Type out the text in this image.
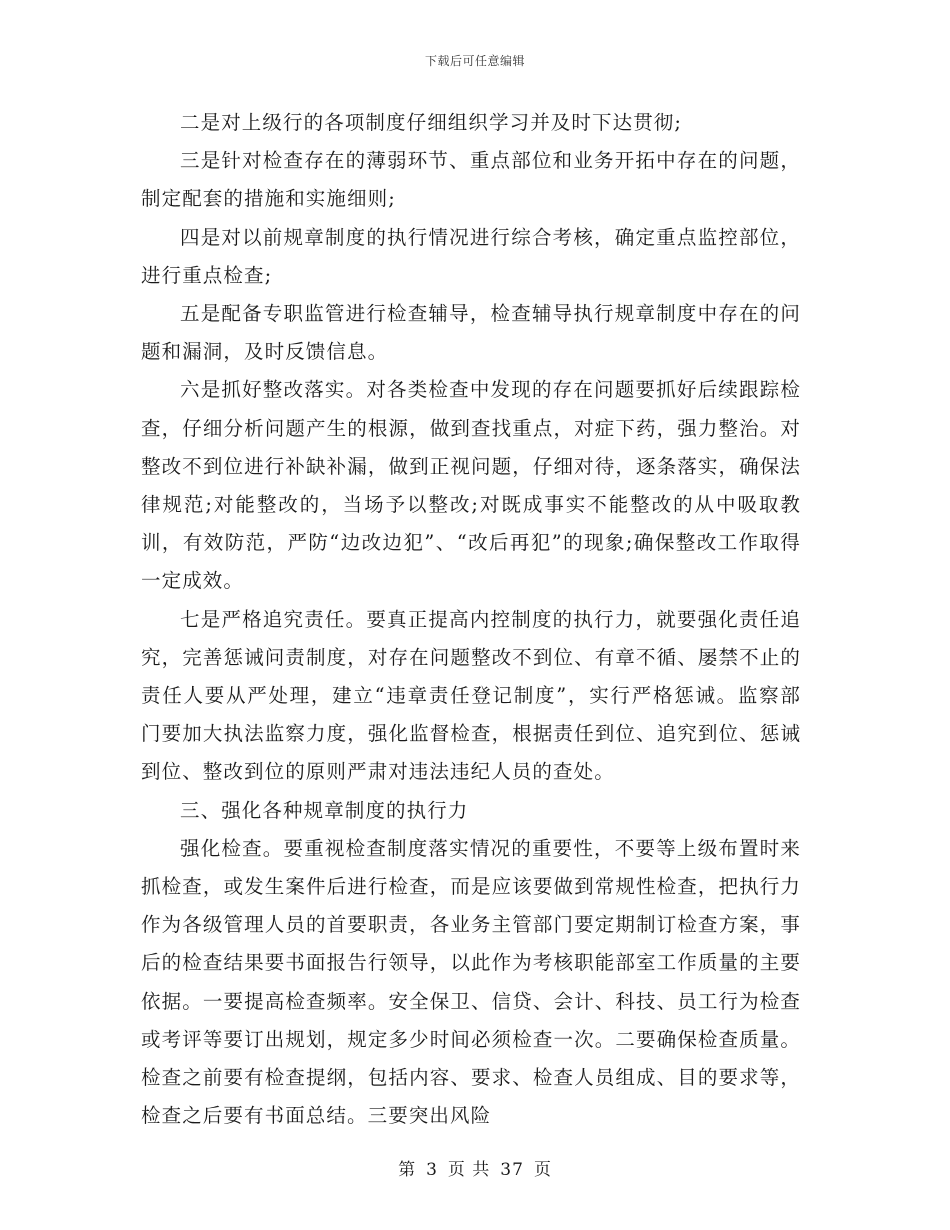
下载后可任意编辑

二是对上级行的各项制度仔细组织学习并及时下达贯彻;

三是针对检查存在的薄弱环节、重点部位和业务开拓中存在的问题，制定配套的措施和实施细则;

四是对以前规章制度的执行情况进行综合考核，确定重点监控部位，进行重点检查;

五是配备专职监管进行检查辅导，检查辅导执行规章制度中存在的问题和漏洞，及时反馈信息。

六是抓好整改落实。对各类检查中发现的存在问题要抓好后续跟踪检查，仔细分析问题产生的根源，做到查找重点，对症下药，强力整治。对整改不到位进行补缺补漏，做到正视问题，仔细对待，逐条落实，确保法律规范;对能整改的，当场予以整改;对既成事实不能整改的从中吸取教训，有效防范，严防“边改边犯”、“改后再犯”的现象;确保整改工作取得一定成效。

七是严格追究责任。要真正提高内控制度的执行力，就要强化责任追究，完善惩诫问责制度，对存在问题整改不到位、有章不循、屡禁不止的责任人要从严处理，建立“违章责任登记制度”，实行严格惩诫。监察部门要加大执法监察力度，强化监督检查，根据责任到位、追究到位、惩诫到位、整改到位的原则严肃对违法违纪人员的查处。

三、强化各种规章制度的执行力

强化检查。要重视检查制度落实情况的重要性，不要等上级布置时来抓检查，或发生案件后进行检查，而是应该要做到常规性检查，把执行力作为各级管理人员的首要职责，各业务主管部门要定期制订检查方案，事后的检查结果要书面报告行领导，以此作为考核职能部室工作质量的主要依据。一要提高检查频率。安全保卫、信贷、会计、科技、员工行为检查或考评等要订出规划，规定多少时间必须检查一次。二要确保检查质量。检查之前要有检查提纲，包括内容、要求、检查人员组成、目的要求等，检查之后要有书面总结。三要突出风险

第 3 页 共 37 页
